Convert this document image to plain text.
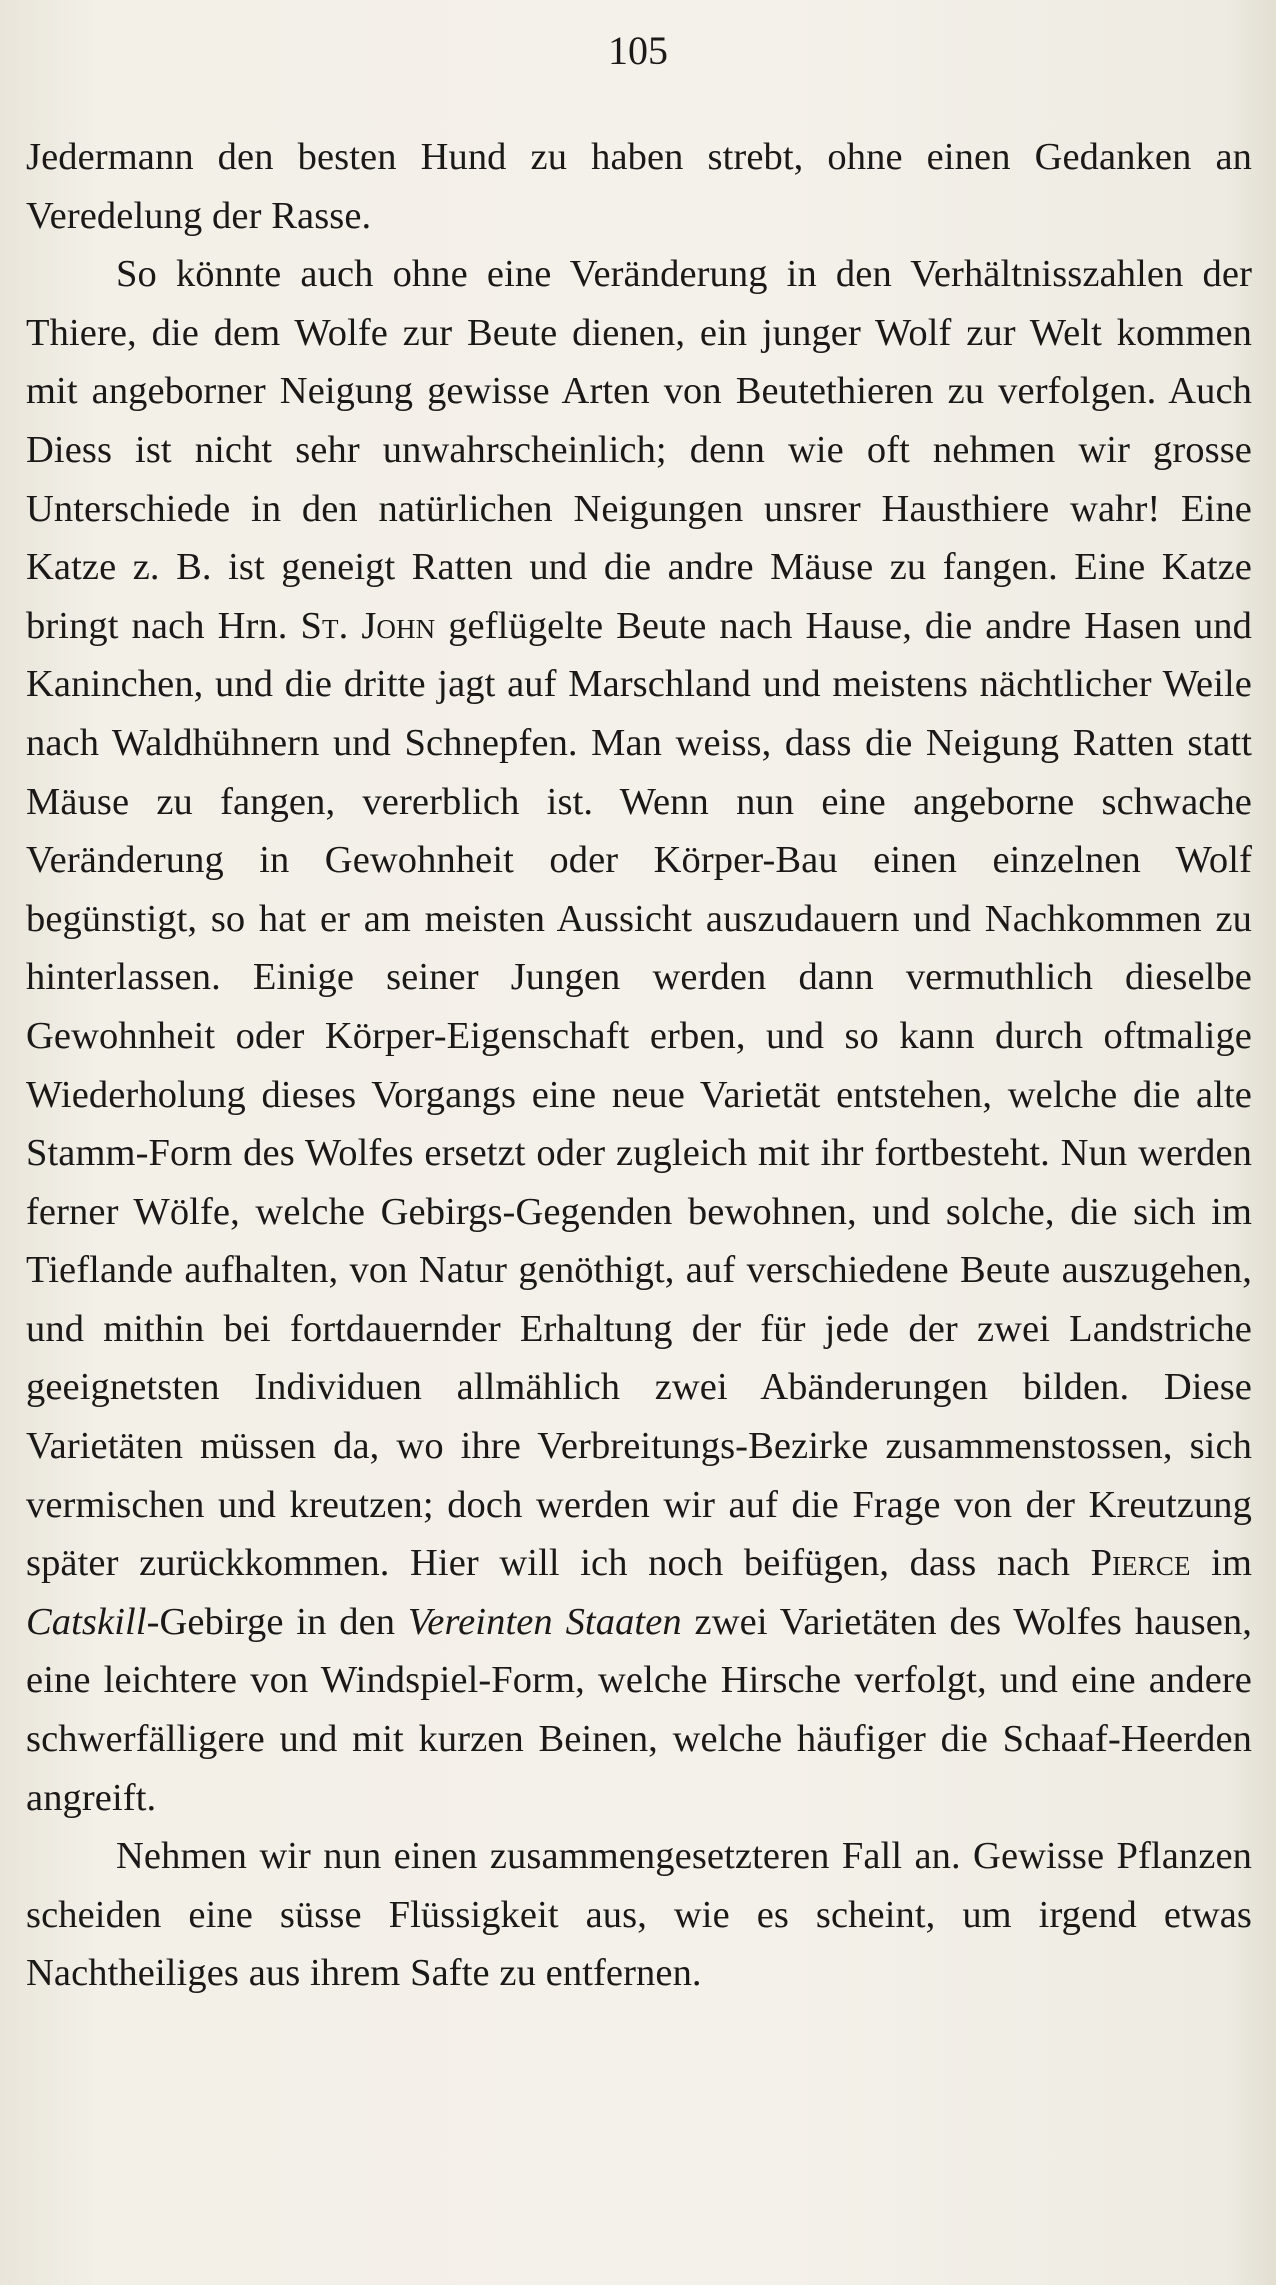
105

Jedermann den besten Hund zu haben strebt, ohne einen Gedanken an Veredelung der Rasse.

So könnte auch ohne eine Veränderung in den Verhältnisszahlen der Thiere, die dem Wolfe zur Beute dienen, ein junger Wolf zur Welt kommen mit angeborner Neigung gewisse Arten von Beutethieren zu verfolgen. Auch Diess ist nicht sehr unwahrscheinlich; denn wie oft nehmen wir grosse Unterschiede in den natürlichen Neigungen unsrer Hausthiere wahr! Eine Katze z. B. ist geneigt Ratten und die andre Mäuse zu fangen. Eine Katze bringt nach Hrn. St. John geflügelte Beute nach Hause, die andre Hasen und Kaninchen, und die dritte jagt auf Marschland und meistens nächtlicher Weile nach Waldhühnern und Schnepfen. Man weiss, dass die Neigung Ratten statt Mäuse zu fangen, vererblich ist. Wenn nun eine angeborne schwache Veränderung in Gewohnheit oder Körper-Bau einen einzelnen Wolf begünstigt, so hat er am meisten Aussicht auszudauern und Nachkommen zu hinterlassen. Einige seiner Jungen werden dann vermuthlich dieselbe Gewohnheit oder Körper-Eigenschaft erben, und so kann durch oftmalige Wiederholung dieses Vorgangs eine neue Varietät entstehen, welche die alte Stamm-Form des Wolfes ersetzt oder zugleich mit ihr fortbesteht. Nun werden ferner Wölfe, welche Gebirgs-Gegenden bewohnen, und solche, die sich im Tieflande aufhalten, von Natur genöthigt, auf verschiedene Beute auszugehen, und mithin bei fortdauernder Erhaltung der für jede der zwei Landstriche geeignetsten Individuen allmählich zwei Abänderungen bilden. Diese Varietäten müssen da, wo ihre Verbreitungs-Bezirke zusammenstossen, sich vermischen und kreutzen; doch werden wir auf die Frage von der Kreutzung später zurückkommen. Hier will ich noch beifügen, dass nach Pierce im Catskill-Gebirge in den Vereinten Staaten zwei Varietäten des Wolfes hausen, eine leichtere von Windspiel-Form, welche Hirsche verfolgt, und eine andere schwerfälligere und mit kurzen Beinen, welche häufiger die Schaaf-Heerden angreift.

Nehmen wir nun einen zusammengesetzteren Fall an. Gewisse Pflanzen scheiden eine süsse Flüssigkeit aus, wie es scheint, um irgend etwas Nachtheiliges aus ihrem Safte zu entfernen.
